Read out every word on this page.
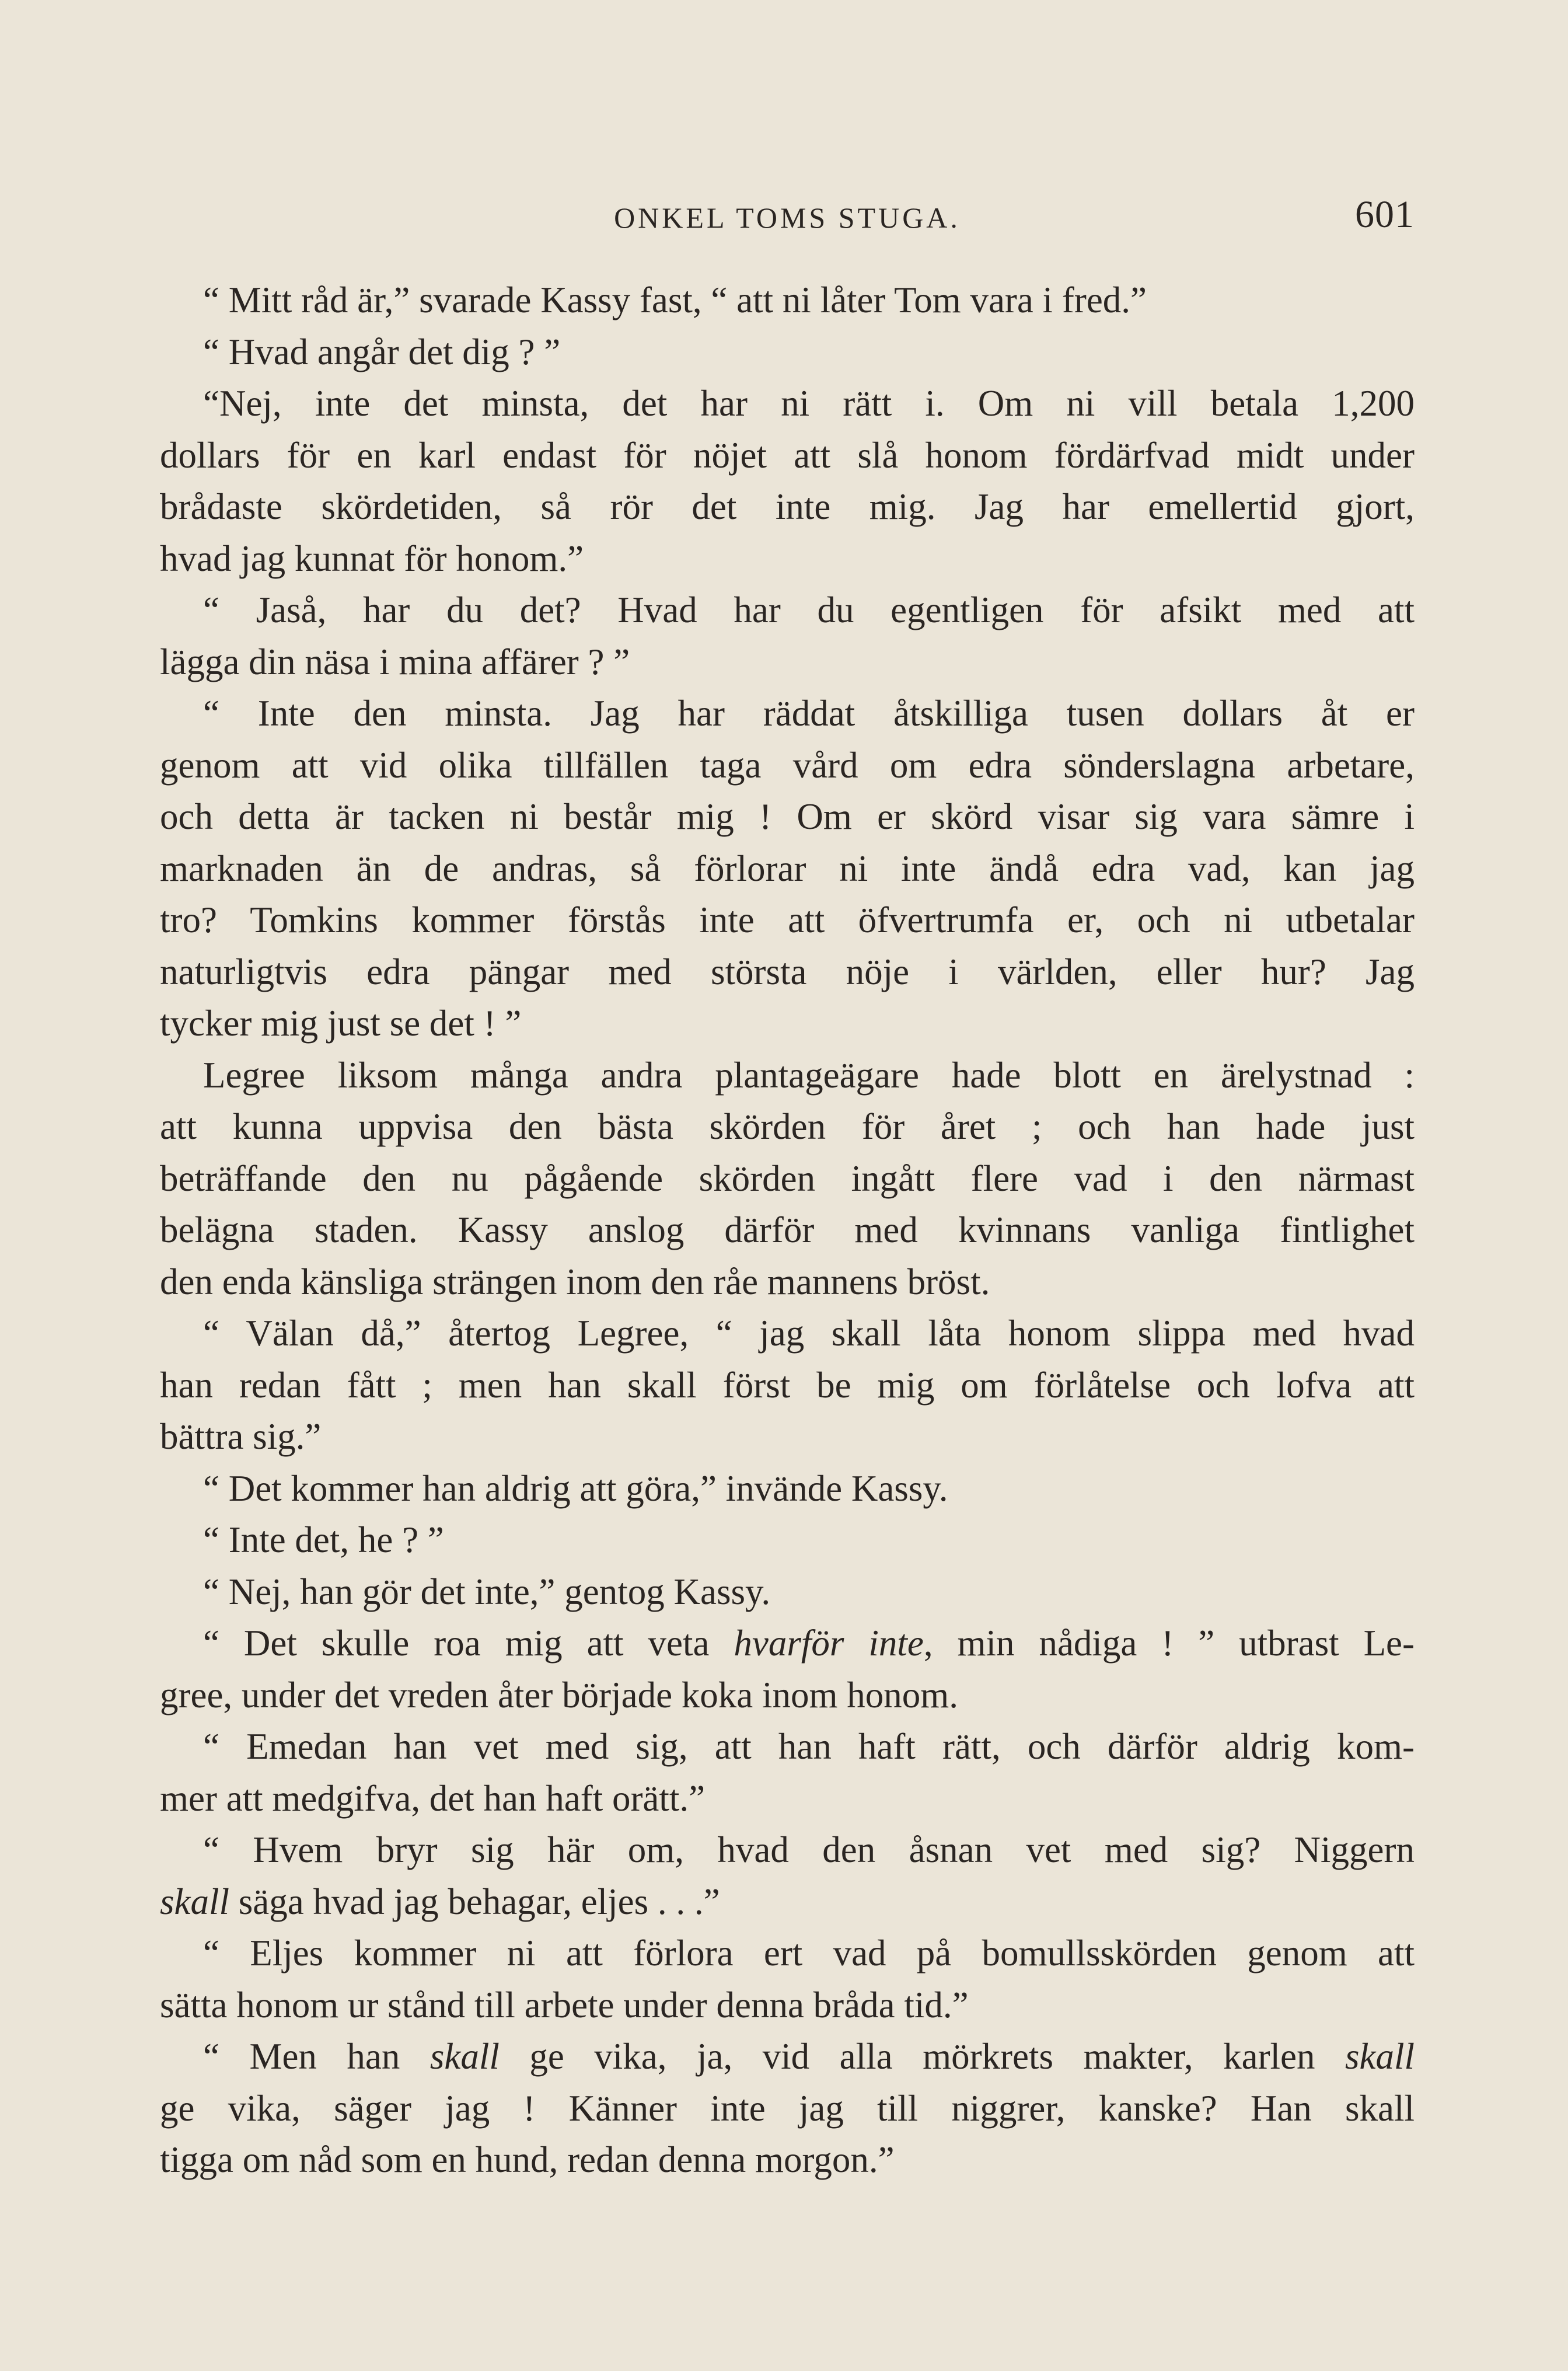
ONKEL TOMS STUGA.	601
“ Mitt råd är,” svarade Kassy fast, “ att ni låter Tom vara i fred.”
“ Hvad angår det dig ? ”
“Nej, inte det minsta, det har ni rätt i. Om ni vill betala 1,200
dollars för en karl endast för nöjet att slå honom fördärfvad midt under
brådaste skördetiden, så rör det inte mig. Jag har emellertid gjort,
hvad jag kunnat för honom.”
“ Jaså, har du det? Hvad har du egentligen för afsikt med att
lägga din näsa i mina affärer ? ”
“ Inte den minsta. Jag har räddat åtskilliga tusen dollars åt er
genom att vid olika tillfällen taga vård om edra sönderslagna arbetare,
och detta är tacken ni består mig ! Om er skörd visar sig vara sämre i
marknaden än de andras, så förlorar ni inte ändå edra vad, kan jag
tro? Tomkins kommer förstås inte att öfvertrumfa er, och ni utbetalar
naturligtvis edra pängar med största nöje i världen, eller hur? Jag
tycker mig just se det ! ”
Legree liksom många andra plantageägare hade blott en ärelystnad :
att kunna uppvisa den bästa skörden för året ; och han hade just
beträffande den nu pågående skörden ingått flere vad i den närmast
belägna staden. Kassy anslog därför med kvinnans vanliga fintlighet
den enda känsliga strängen inom den råe mannens bröst.
“ Välan då,” återtog Legree, “ jag skall låta honom slippa med hvad
han redan fått ; men han skall först be mig om förlåtelse och lofva att
bättra sig.”
“ Det kommer han aldrig att göra,” invände Kassy.
“ Inte det, he ? ”
“ Nej, han gör det inte,” gentog Kassy.
“ Det skulle roa mig att veta hvarför inte, min nådiga ! ” utbrast Le-
gree, under det vreden åter började koka inom honom.
“ Emedan han vet med sig, att han haft rätt, och därför aldrig kom-
mer att medgifva, det han haft orätt.”
“ Hvem bryr sig här om, hvad den åsnan vet med sig? Niggern
skall säga hvad jag behagar, eljes . . .”
“ Eljes kommer ni att förlora ert vad på bomullsskörden genom att
sätta honom ur stånd till arbete under denna bråda tid.”
“ Men han skall ge vika, ja, vid alla mörkrets makter, karlen skall
ge vika, säger jag ! Känner inte jag till niggrer, kanske? Han skall
tigga om nåd som en hund, redan denna morgon.”
